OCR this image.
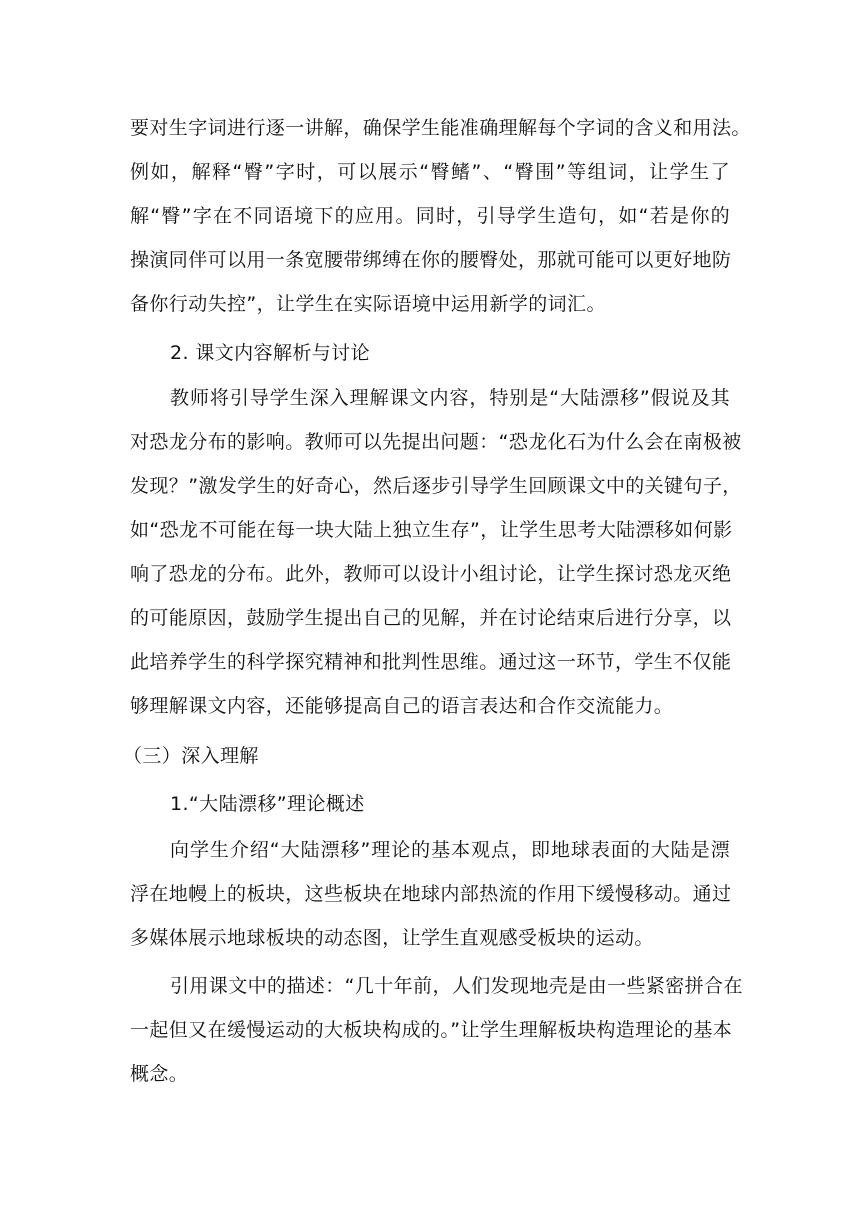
要对生字词进行逐一讲解，确保学生能准确理解每个字词的含义和用法。
例如，解释“臀”字时，可以展示“臀鳍”、“臀围”等组词，让学生了
解“臀”字在不同语境下的应用。同时，引导学生造句，如“若是你的
操演同伴可以用一条宽腰带绑缚在你的腰臀处，那就可能可以更好地防
备你行动失控”，让学生在实际语境中运用新学的词汇。
2. 课文内容解析与讨论
教师将引导学生深入理解课文内容，特别是“大陆漂移”假说及其
对恐龙分布的影响。教师可以先提出问题：“恐龙化石为什么会在南极被
发现？”激发学生的好奇心，然后逐步引导学生回顾课文中的关键句子，
如“恐龙不可能在每一块大陆上独立生存”，让学生思考大陆漂移如何影
响了恐龙的分布。此外，教师可以设计小组讨论，让学生探讨恐龙灭绝
的可能原因，鼓励学生提出自己的见解，并在讨论结束后进行分享，以
此培养学生的科学探究精神和批判性思维。通过这一环节，学生不仅能
够理解课文内容，还能够提高自己的语言表达和合作交流能力。
（三）深入理解
1.“大陆漂移”理论概述
向学生介绍“大陆漂移”理论的基本观点，即地球表面的大陆是漂
浮在地幔上的板块，这些板块在地球内部热流的作用下缓慢移动。通过
多媒体展示地球板块的动态图，让学生直观感受板块的运动。
引用课文中的描述：“几十年前，人们发现地壳是由一些紧密拼合在
一起但又在缓慢运动的大板块构成的。”让学生理解板块构造理论的基本
概念。
